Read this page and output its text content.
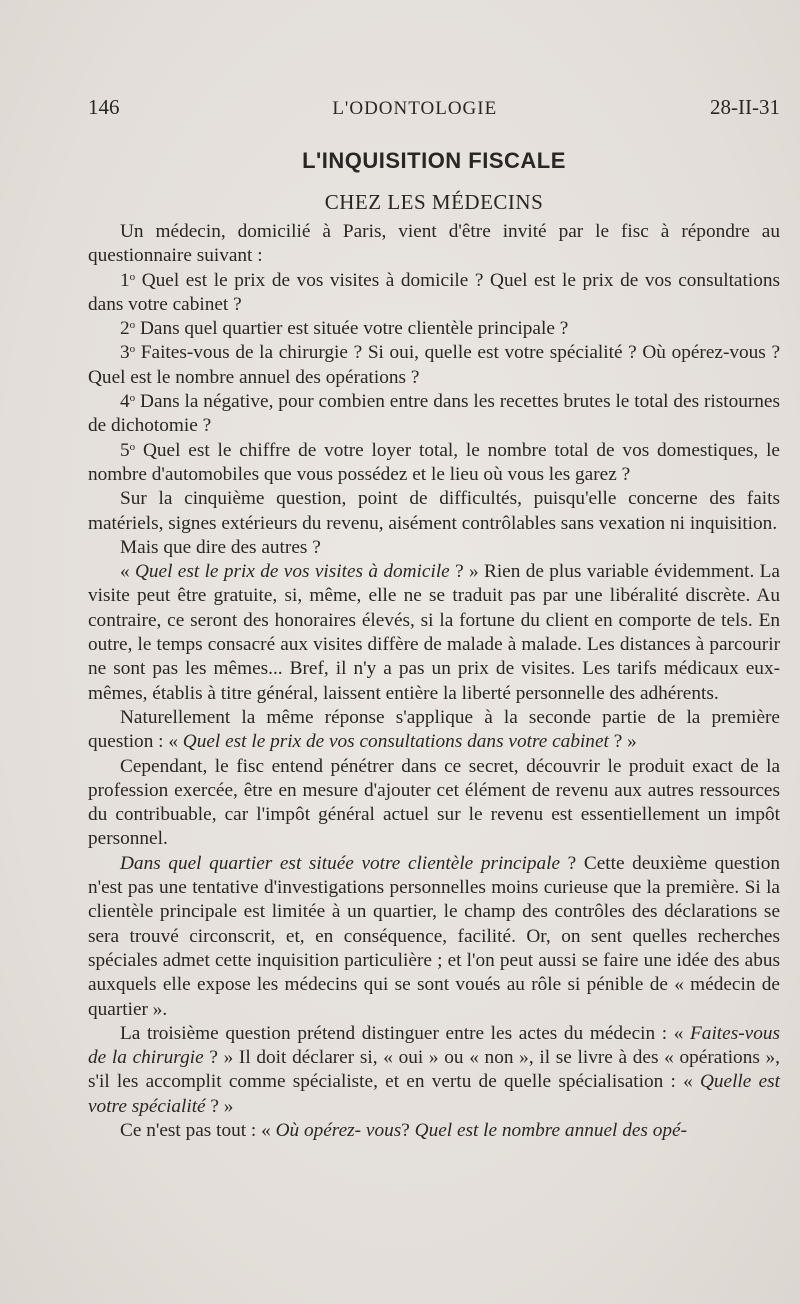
146	L'ODONTOLOGIE	28-II-31
L'INQUISITION FISCALE
CHEZ LES MÉDECINS

Un médecin, domicilié à Paris, vient d'être invité par le fisc à répondre au questionnaire suivant :

1$^o$ Quel est le prix de vos visites à domicile ? Quel est le prix de vos consultations dans votre cabinet ?

2$^o$ Dans quel quartier est située votre clientèle principale ?

3$^o$ Faites-vous de la chirurgie ? Si oui, quelle est votre spécialité ? Où opérez-vous ? Quel est le nombre annuel des opérations ?

4$^o$ Dans la négative, pour combien entre dans les recettes brutes le total des ristournes de dichotomie ?

5$^o$ Quel est le chiffre de votre loyer total, le nombre total de vos domestiques, le nombre d'automobiles que vous possédez et le lieu où vous les garez ?

Sur la cinquième question, point de difficultés, puisqu'elle concerne des faits matériels, signes extérieurs du revenu, aisément contrôlables sans vexation ni inquisition.

Mais que dire des autres ?

« Quel est le prix de vos visites à domicile ? » Rien de plus variable évidemment. La visite peut être gratuite, si, même, elle ne se traduit pas par une libéralité discrète. Au contraire, ce seront des honoraires élevés, si la fortune du client en comporte de tels. En outre, le temps consacré aux visites diffère de malade à malade. Les distances à parcourir ne sont pas les mêmes... Bref, il n'y a pas un prix de visites. Les tarifs médicaux eux-mêmes, établis à titre général, laissent entière la liberté personnelle des adhérents.

Naturellement la même réponse s'applique à la seconde partie de la première question : « Quel est le prix de vos consultations dans votre cabinet ? »

Cependant, le fisc entend pénétrer dans ce secret, découvrir le produit exact de la profession exercée, être en mesure d'ajouter cet élément de revenu aux autres ressources du contribuable, car l'impôt général actuel sur le revenu est essentiellement un impôt personnel.

Dans quel quartier est située votre clientèle principale ? Cette deuxième question n'est pas une tentative d'investigations personnelles moins curieuse que la première. Si la clientèle principale est limitée à un quartier, le champ des contrôles des déclarations se sera trouvé circonscrit, et, en conséquence, facilité. Or, on sent quelles recherches spéciales admet cette inquisition particulière ; et l'on peut aussi se faire une idée des abus auxquels elle expose les médecins qui se sont voués au rôle si pénible de « médecin de quartier ».

La troisième question prétend distinguer entre les actes du médecin : « Faites-vous de la chirurgie ? » Il doit déclarer si, « oui » ou « non », il se livre à des « opérations », s'il les accomplit comme spécialiste, et en vertu de quelle spécialisation : « Quelle est votre spécialité ? »

Ce n'est pas tout : « Où opérez- vous? Quel est le nombre annuel des opé-
